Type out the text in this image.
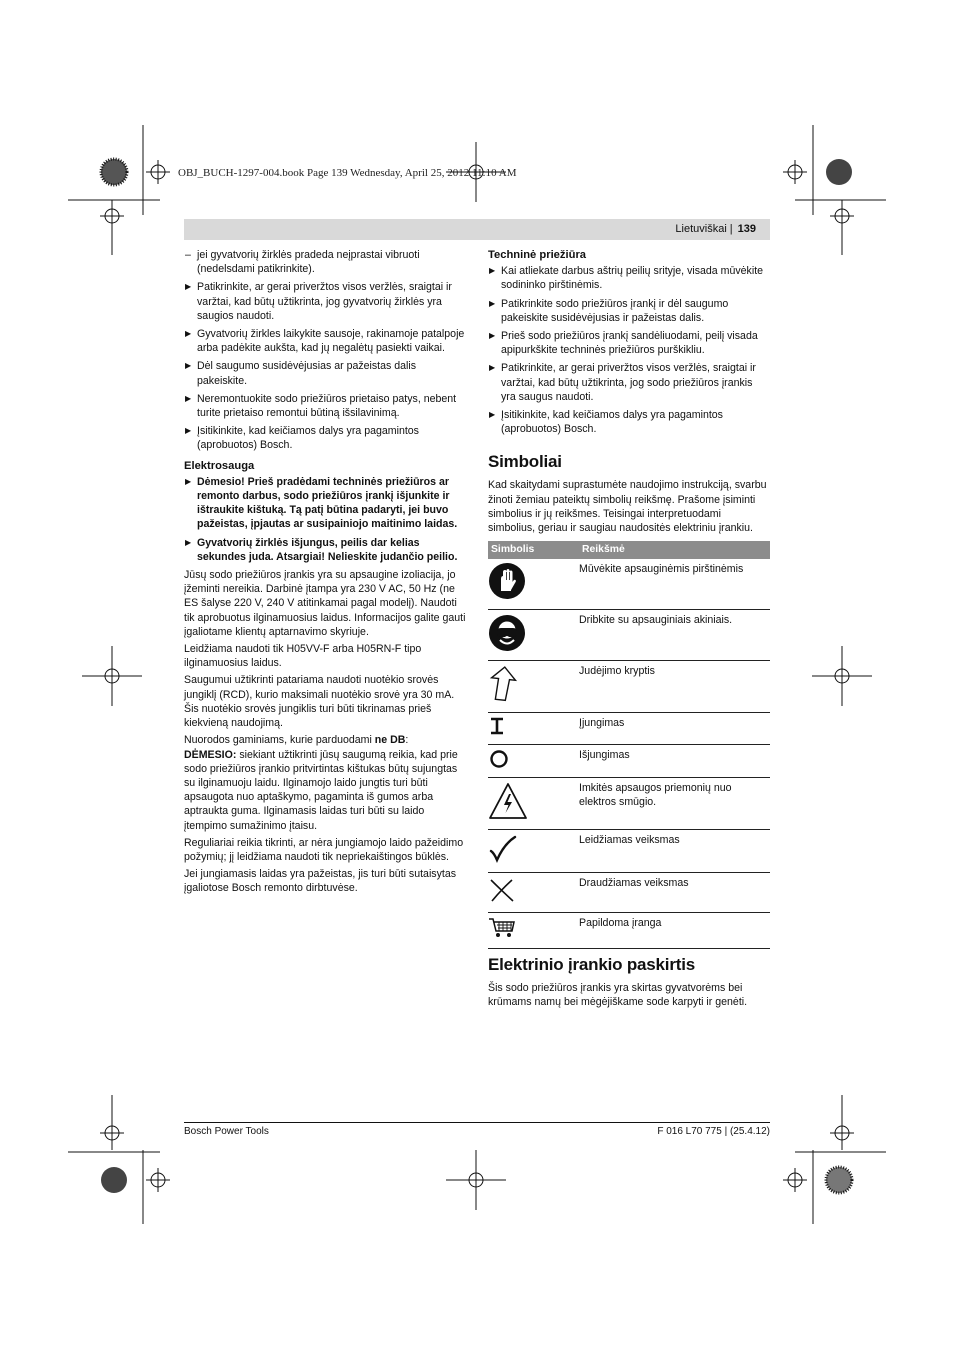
OBJ_BUCH-1297-004.book Page 139 Wednesday, April 25, 2012 11:10 AM
Lietuviškai | 139
– jei gyvatvorių žirklės pradeda neįprastai vibruoti (nedelsdami patikrinkite).
▶ Patikrinkite, ar gerai priveržtos visos veržlės, sraigtai ir varžtai, kad būtų užtikrinta, jog gyvatvorių žirklės yra saugios naudoti.
▶ Gyvatvorių žirkles laikykite sausoje, rakinamoje patalpoje arba padėkite aukšta, kad jų negalėtų pasiekti vaikai.
▶ Dėl saugumo susidėvėjusias ar pažeistas dalis pakeiskite.
▶ Neremontuokite sodo priežiūros prietaiso patys, nebent turite prietaiso remontui būtiną išsilavinimą.
▶ Įsitikinkite, kad keičiamos dalys yra pagamintos (aprobuotos) Bosch.
Elektrosauga
▶ Dėmesio! Prieš pradėdami techninės priežiūros ar remonto darbus, sodo priežiūros įrankį išjunkite ir ištraukite kištuką. Tą patį būtina padaryti, jei buvo pažeistas, įpjautas ar susipainiojo maitinimo laidas.
▶ Gyvatvorių žirklės išjungus, peilis dar kelias sekundes juda. Atsargiai! Nelieskite judančio peilio.

Jūsų sodo priežiūros įrankis yra su apsaugine izoliacija, jo įžeminti nereikia. Darbinė įtampa yra 230 V AC, 50 Hz (ne ES šalyse 220 V, 240 V atitinkamai pagal modelį). Naudoti tik aprobuotus ilginamuosius laidus. Informacijos galite gauti įgaliotame klientų aptarnavimo skyriuje.

Leidžiama naudoti tik H05VV-F arba H05RN-F tipo ilginamuosius laidus.

Saugumui užtikrinti patariama naudoti nuotėkio srovės jungiklį (RCD), kurio maksimali nuotėkio srovė yra 30 mA. Šis nuotėkio srovės jungiklis turi būti tikrinamas prieš kiekvieną naudojimą.

Nuorodos gaminiams, kurie parduodami ne DB:

DĖMESIO: siekiant užtikrinti jūsų saugumą reikia, kad prie sodo priežiūros įrankio pritvirtintas kištukas būtų sujungtas su ilginamuoju laidu. Ilginamojo laido jungtis turi būti apsaugota nuo aptaškymo, pagaminta iš gumos arba aptraukta guma. Ilginamasis laidas turi būti su laido įtempimo sumažinimo įtaisu.

Reguliariai reikia tikrinti, ar nėra jungiamojo laido pažeidimo požymių; jį leidžiama naudoti tik nepriekaištingos būklės.

Jei jungiamasis laidas yra pažeistas, jis turi būti sutaisytas įgaliotose Bosch remonto dirbtuvėse.

Techninė priežiūra
▶ Kai atliekate darbus aštrių peilių srityje, visada mūvėkite sodininko pirštinėmis.
▶ Patikrinkite sodo priežiūros įrankį ir dėl saugumo pakeiskite susidėvėjusias ir pažeistas dalis.
▶ Prieš sodo priežiūros įrankį sandėliuodami, peilį visada apipurkškite techninės priežiūros purškikliu.
▶ Patikrinkite, ar gerai priveržtos visos veržlės, sraigtai ir varžtai, kad būtų užtikrinta, jog sodo priežiūros įrankis yra saugus naudoti.
▶ Įsitikinkite, kad keičiamos dalys yra pagamintos (aprobuotos) Bosch.
Simboliai

Kad skaitydami suprastumėte naudojimo instrukciją, svarbu žinoti žemiau pateiktų simbolių reikšmę. Prašome įsiminti simbolius ir jų reikšmes. Teisingai interpretuodami simbolius, geriau ir saugiau naudositės elektriniu įrankiu.

Simbolis	Reikšmė
	Mūvėkite apsauginėmis pirštinėmis
	Dribkite su apsauginiais akiniais.
	Judėjimo kryptis
	Įjungimas
	Išjungimas
	Imkitės apsaugos priemonių nuo elektros smūgio.
	Leidžiamas veiksmas
	Draudžiamas veiksmas
	Papildoma įranga
Elektrinio įrankio paskirtis

Šis sodo priežiūros įrankis yra skirtas gyvatvorėms bei krūmams namų bei mėgėjiškame sode karpyti ir genėti.

Bosch Power Tools	F 016 L70 775 | (25.4.12)
